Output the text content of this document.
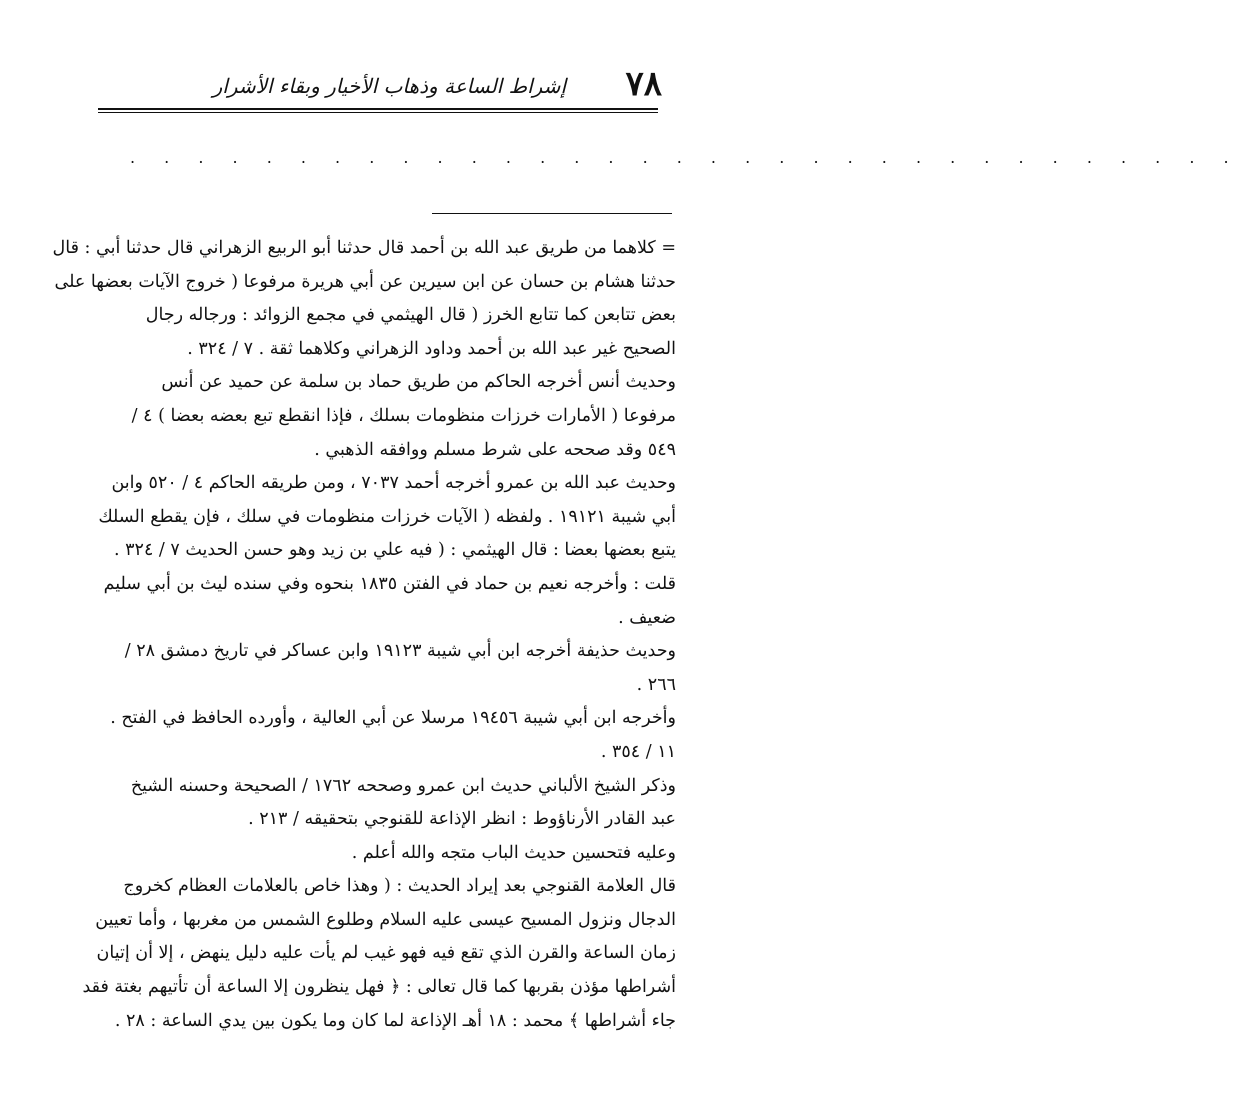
٧٨
إشراط الساعة وذهاب الأخيار وبقاء الأشرار
. . . . . . . . . . . . . . . . . . . . . . . . . . . . . . . . .
= كلاهما من طريق عبد الله بن أحمد قال حدثنا أبو الربيع الزهراني قال حدثنا أبي : قال
حدثنا هشام بن حسان عن ابن سيرين عن أبي هريرة مرفوعا ( خروج الآيات بعضها على
بعض تتابعن كما تتابع الخرز ( قال الهيثمي في مجمع الزوائد : ورجاله رجال
الصحيح غير عبد الله بن أحمد وداود الزهراني وكلاهما ثقة . ٧ / ٣٢٤ .
وحديث أنس أخرجه الحاكم من طريق حماد بن سلمة عن حميد عن أنس
مرفوعا ( الأمارات خرزات منظومات بسلك ، فإذا انقطع تبع بعضه بعضا ) ٤ /
٥٤٩ وقد صححه على شرط مسلم ووافقه الذهبي .
وحديث عبد الله بن عمرو أخرجه أحمد ٧٠٣٧ ، ومن طريقه الحاكم ٤ / ٥٢٠ وابن
أبي شيبة ١٩١٢١ . ولفظه ( الآيات خرزات منظومات في سلك ، فإن يقطع السلك
يتبع بعضها بعضا : قال الهيثمي : ( فيه علي بن زيد وهو حسن الحديث ٧ / ٣٢٤ .
قلت : وأخرجه نعيم بن حماد في الفتن ١٨٣٥ بنحوه وفي سنده ليث بن أبي سليم
ضعيف .
وحديث حذيفة أخرجه ابن أبي شيبة ١٩١٢٣ وابن عساكر في تاريخ دمشق ٢٨ /
٢٦٦ .
وأخرجه ابن أبي شيبة ١٩٤٥٦ مرسلا عن أبي العالية ، وأورده الحافظ في الفتح .
١١ / ٣٥٤ .
وذكر الشيخ الألباني حديث ابن عمرو وصححه ١٧٦٢ / الصحيحة وحسنه الشيخ
عبد القادر الأرناؤوط : انظر الإذاعة للقنوجي بتحقيقه / ٢١٣ .
وعليه فتحسين حديث الباب متجه والله أعلم .
قال العلامة القنوجي بعد إيراد الحديث : ( وهذا خاص بالعلامات العظام كخروج
الدجال ونزول المسيح عيسى عليه السلام وطلوع الشمس من مغربها ، وأما تعيين
زمان الساعة والقرن الذي تقع فيه فهو غيب لم يأت عليه دليل ينهض ، إلا أن إتيان
أشراطها مؤذن بقربها كما قال تعالى : ﴿ فهل ينظرون إلا الساعة أن تأتيهم بغتة فقد
جاء أشراطها ﴾ محمد : ١٨ أهـ الإذاعة لما كان وما يكون بين يدي الساعة : ٢٨ .
